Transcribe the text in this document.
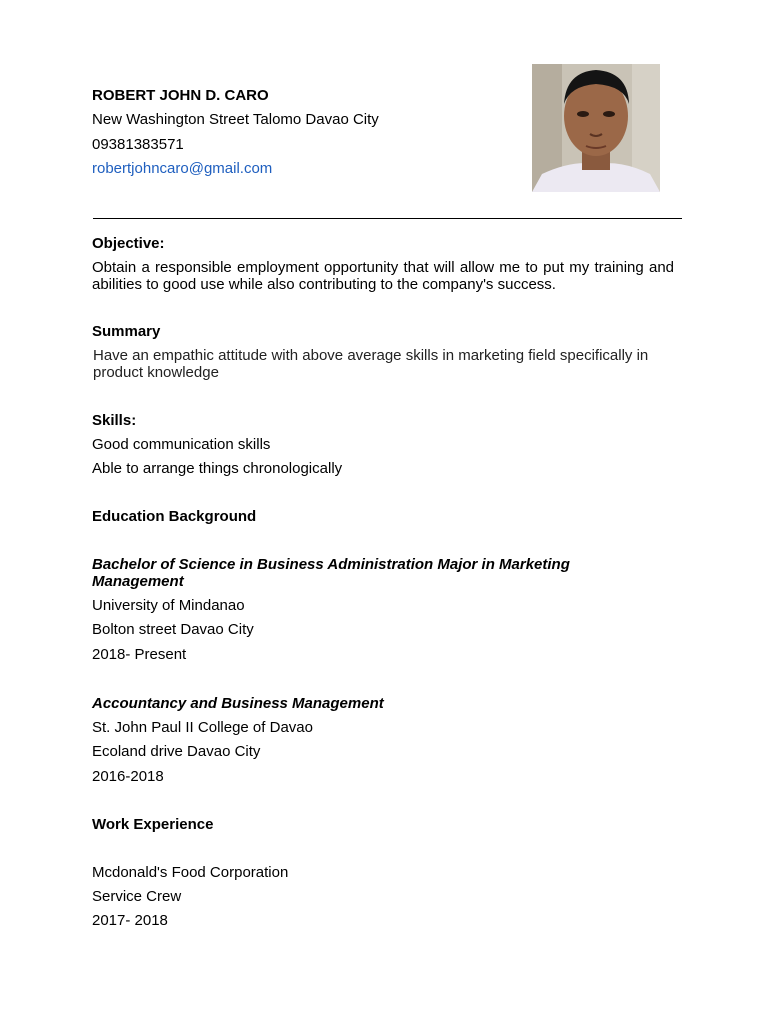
ROBERT JOHN D. CARO
New Washington Street Talomo Davao City
09381383571
robertjohncaro@gmail.com
Objective:
Obtain a responsible employment opportunity that will allow me to put my training and abilities to good use while also contributing to the company's success.
Summary
Have an empathic attitude with above average skills in marketing field specifically in product knowledge
Skills:
Good communication skills
Able to arrange things chronologically
Education Background
Bachelor of Science in Business Administration Major in Marketing Management
University of Mindanao
Bolton street Davao City
2018- Present
Accountancy and Business Management
St. John Paul II College of Davao
Ecoland drive Davao City
2016-2018
Work Experience
Mcdonald's Food Corporation
Service Crew
2017- 2018
